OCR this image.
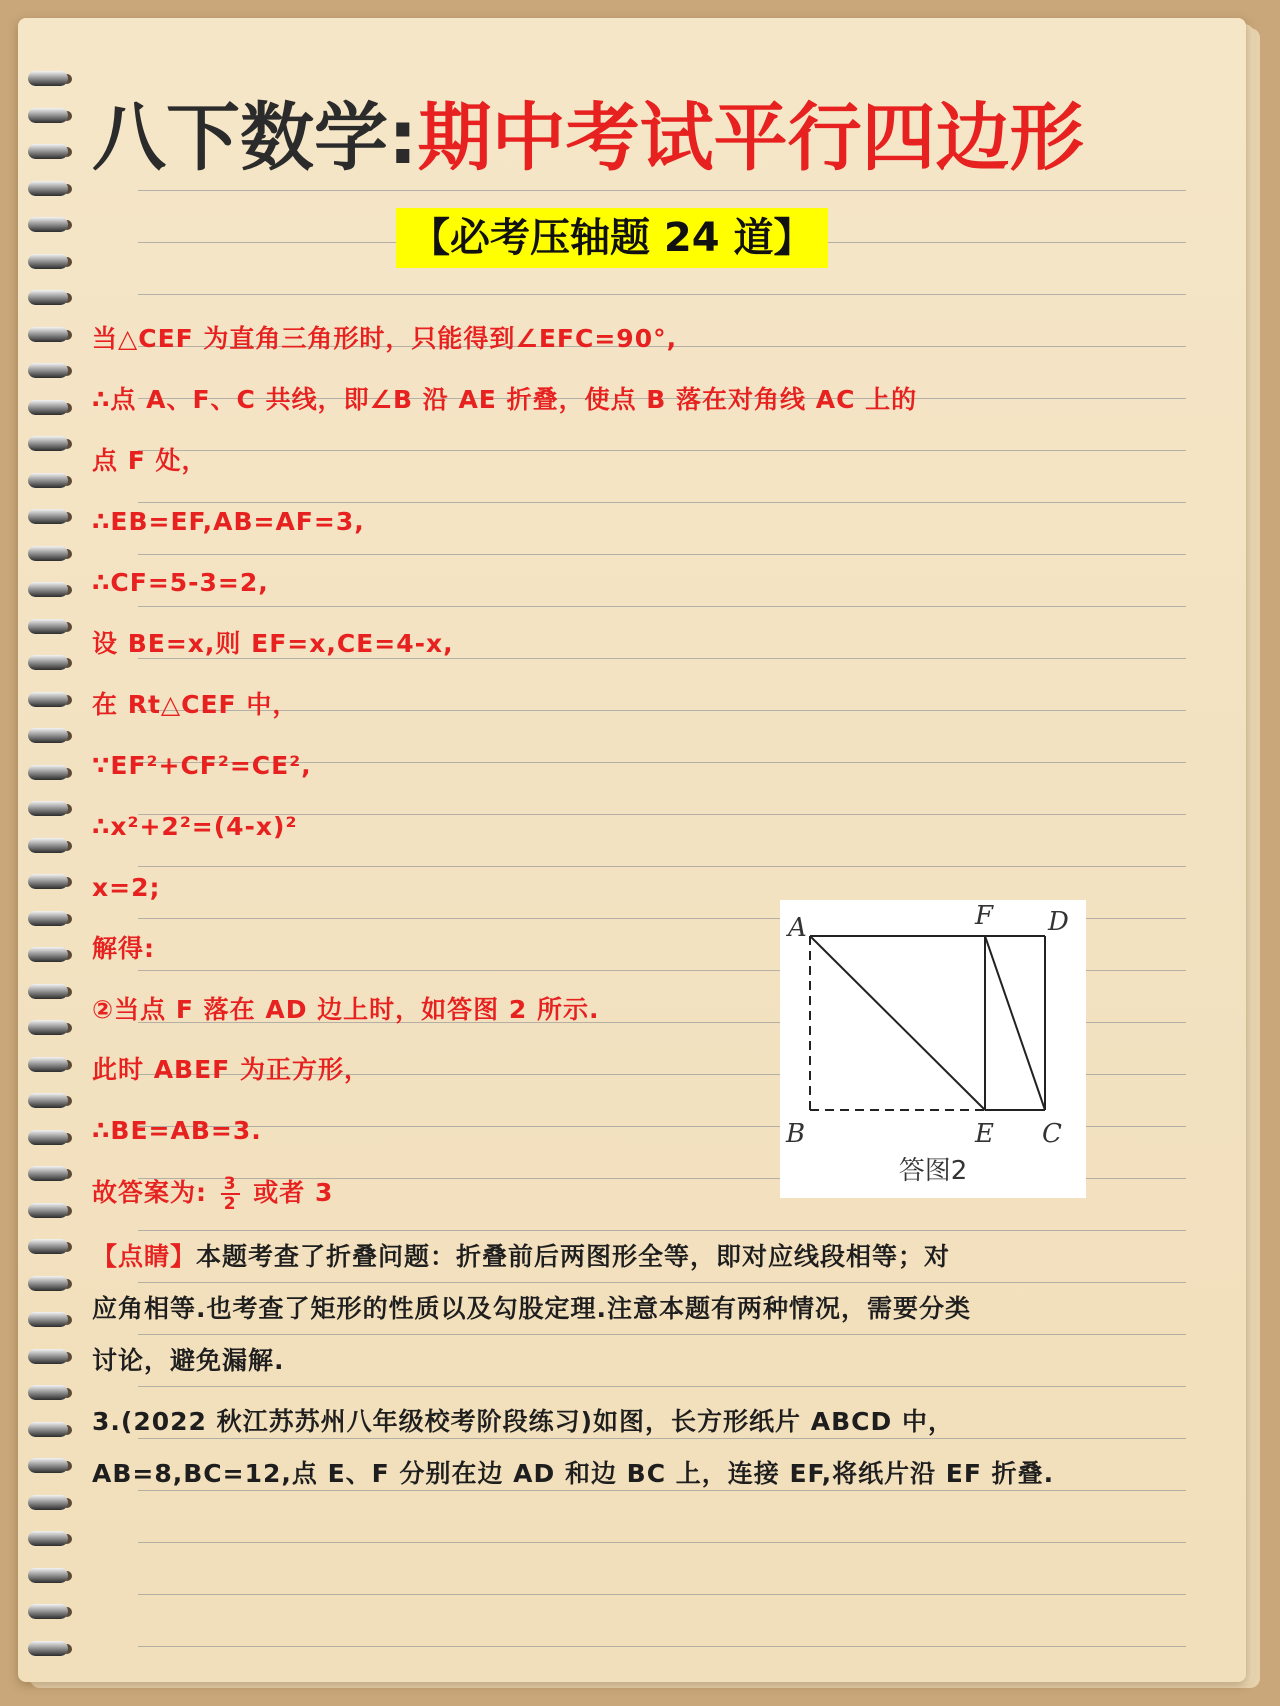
八下数学:期中考试平行四边形
【必考压轴题 24 道】
当△CEF 为直角三角形时，只能得到∠EFC=90°,
∴点 A、F、C 共线，即∠B 沿 AE 折叠，使点 B 落在对角线 AC 上的
点 F 处，
∴EB=EF,AB=AF=3,
∴CF=5-3=2,
设 BE=x,则 EF=x,CE=4-x,
在 Rt△CEF 中，
∵EF²+CF²=CE²,
∴x²+2²=(4-x)²
x=2;
解得:
②当点 F 落在 AD 边上时，如答图 2 所示.
此时 ABEF 为正方形，
∴BE=AB=3.
故答案为: $\frac{3}{2}$ 或者 3
【点睛】本题考查了折叠问题：折叠前后两图形全等，即对应线段相等；对
应角相等.也考查了矩形的性质以及勾股定理.注意本题有两种情况，需要分类
讨论，避免漏解.
3.(2022 秋江苏苏州八年级校考阶段练习)如图，长方形纸片 ABCD 中，
AB=8,BC=12,点 E、F 分别在边 AD 和边 BC 上，连接 EF,将纸片沿 EF 折叠.
A	F D
B	E C
答图2
